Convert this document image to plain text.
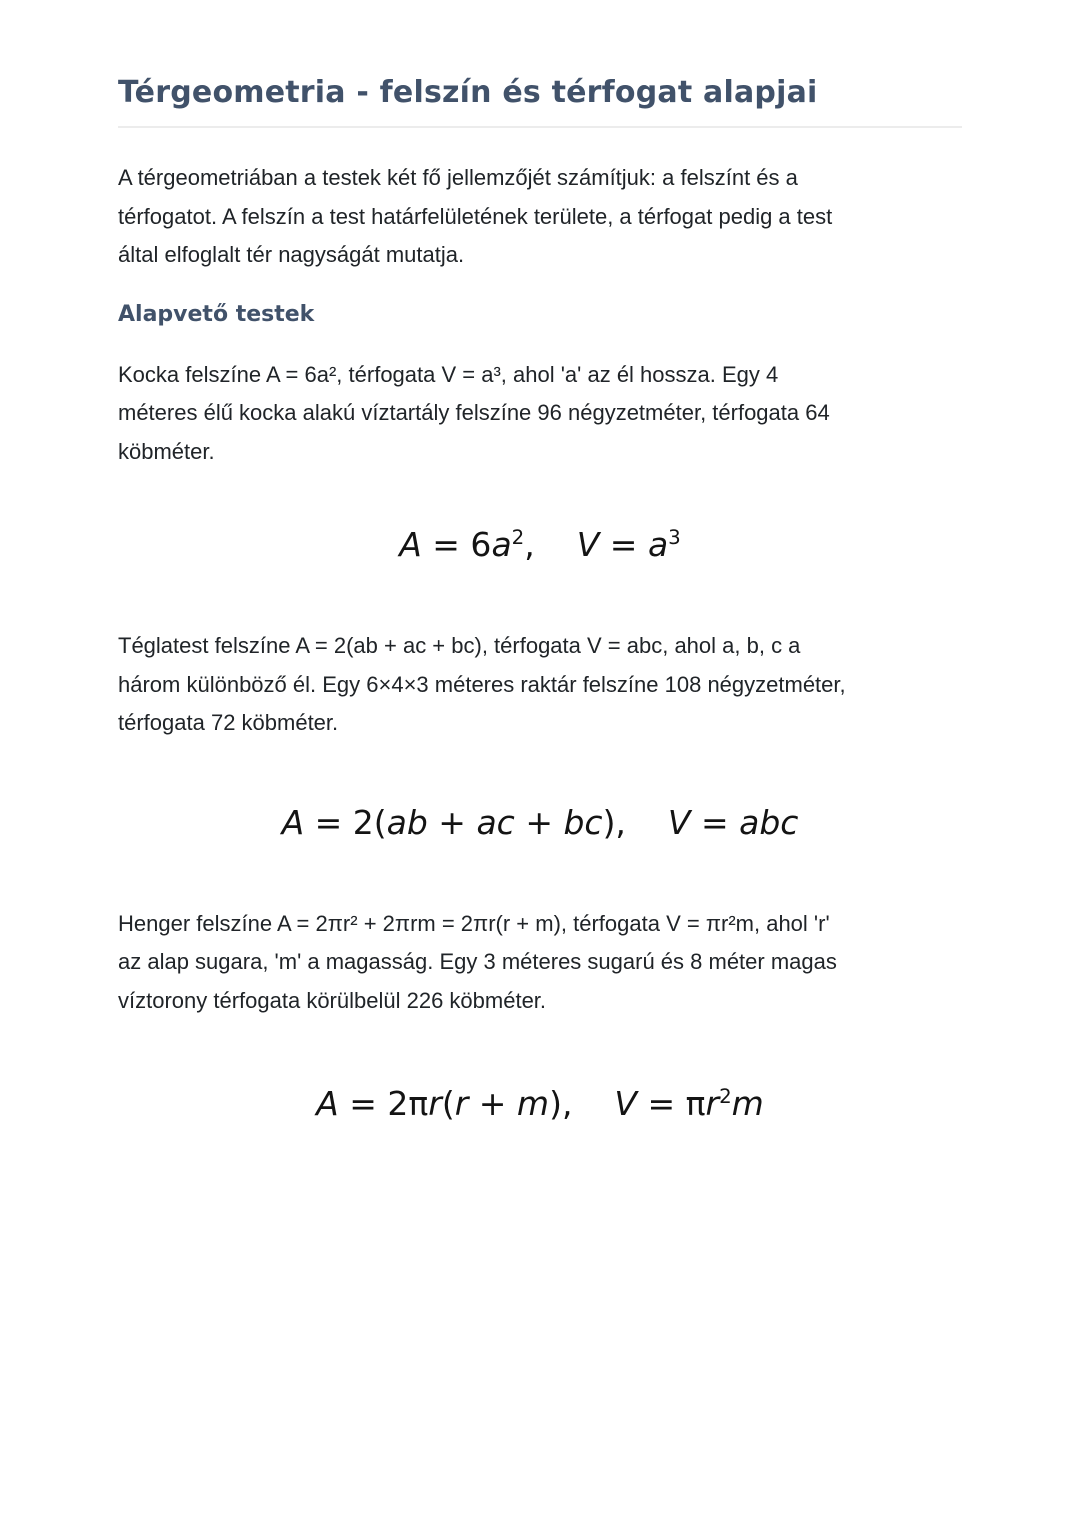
Térgeometria - felszín és térfogat alapjai
A térgeometriában a testek két fő jellemzőjét számítjuk: a felszínt és a
térfogatot. A felszín a test határfelületének területe, a térfogat pedig a test
által elfoglalt tér nagyságát mutatja.
Alapvető testek
Kocka felszíne A = 6a², térfogata V = a³, ahol 'a' az él hossza. Egy 4
méteres élű kocka alakú víztartály felszíne 96 négyzetméter, térfogata 64
köbméter.
$A = 6a^2$,    $V = a^3$
Téglatest felszíne A = 2(ab + ac + bc), térfogata V = abc, ahol a, b, c a
három különböző él. Egy 6×4×3 méteres raktár felszíne 108 négyzetméter,
térfogata 72 köbméter.
A = 2(ab + ac + bc),    V = abc
Henger felszíne A = 2πr² + 2πrm = 2πr(r + m), térfogata V = πr²m, ahol 'r'
az alap sugara, 'm' a magasság. Egy 3 méteres sugarú és 8 méter magas
víztorony térfogata körülbelül 226 köbméter.
A = 2πr(r + m),    $V = \pi r^2m$
